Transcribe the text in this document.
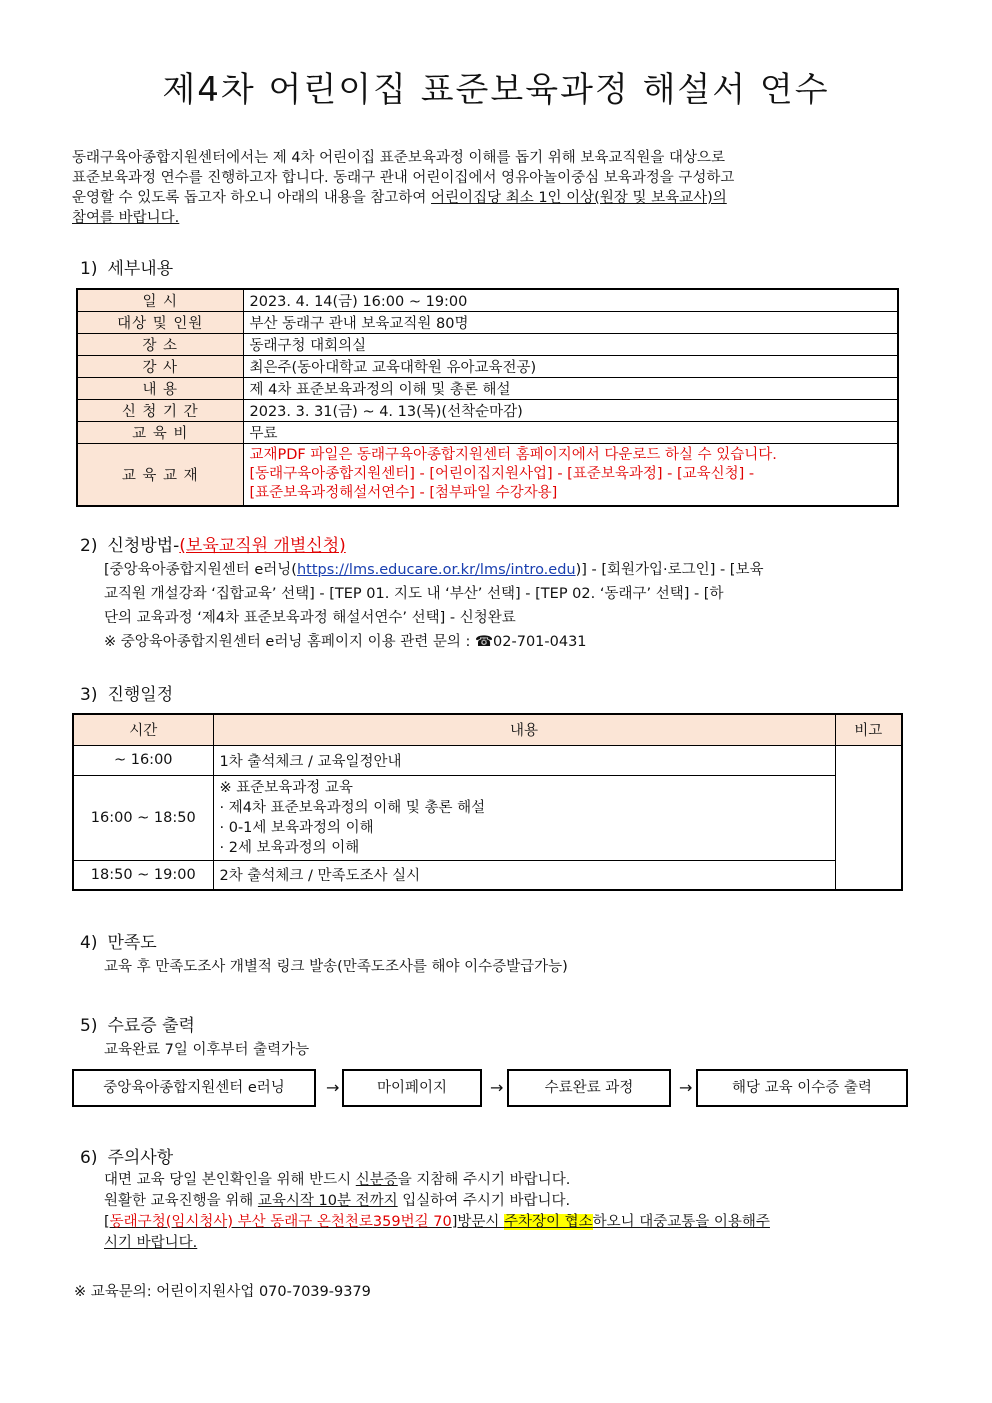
제4차 어린이집 표준보육과정 해설서 연수
동래구육아종합지원센터에서는 제 4차 어린이집 표준보육과정 이해를 돕기 위해 보육교직원을 대상으로
표준보육과정 연수를 진행하고자 합니다. 동래구 관내 어린이집에서 영유아놀이중심 보육과정을 구성하고
운영할 수 있도록 돕고자 하오니 아래의 내용을 참고하여 어린이집당 최소 1인 이상(원장 및 보육교사)의
참여를 바랍니다.
1) 세부내용
일 시	2023. 4. 14(금) 16:00 ~ 19:00
대상 및 인원	부산 동래구 관내 보육교직원 80명
장 소	동래구청 대회의실
강 사	최은주(동아대학교 교육대학원 유아교육전공)
내 용	제 4차 표준보육과정의 이해 및 총론 해설
신 청 기 간	2023. 3. 31(금) ~ 4. 13(목)(선착순마감)
교 육 비	무료
교 육 교 재	교재PDF 파일은 동래구육아종합지원센터 홈페이지에서 다운로드 하실 수 있습니다.
[동래구육아종합지원센터] - [어린이집지원사업] - [표준보육과정] - [교육신청] -
[표준보육과정해설서연수] - [첨부파일 수강자용]
2) 신청방법-(보육교직원 개별신청)
[중앙육아종합지원센터 e러닝(https://lms.educare.or.kr/lms/intro.edu)] - [회원가입·로그인] - [보육
교직원 개설강좌 ‘집합교육’ 선택] - [TEP 01. 지도 내 ‘부산’ 선택] - [TEP 02. ‘동래구’ 선택] - [하
단의 교육과정 ‘제4차 표준보육과정 해설서연수’ 선택] - 신청완료
※ 중앙육아종합지원센터 e러닝 홈페이지 이용 관련 문의 : ☎02-701-0431
3) 진행일정
시간	내용	비고
~ 16:00	1차 출석체크 / 교육일정안내	
16:00 ~ 18:50	※ 표준보육과정 교육
· 제4차 표준보육과정의 이해 및 총론 해설
· 0-1세 보육과정의 이해
· 2세 보육과정의 이해	

18:50 ~ 19:00	2차 출석체크 / 만족도조사 실시	
4) 만족도
교육 후 만족도조사 개별적 링크 발송(만족도조사를 해야 이수증발급가능)
5) 수료증 출력
교육완료 7일 이후부터 출력가능
중앙육아종합지원센터 e러닝	→	마이페이지	→	수료완료 과정	→	해당 교육 이수증 출력
6) 주의사항
대면 교육 당일 본인확인을 위해 반드시 신분증을 지참해 주시기 바랍니다.
원활한 교육진행을 위해 교육시작 10분 전까지 입실하여 주시기 바랍니다.
[동래구청(임시청사) 부산 동래구 온천천로359번길 70]방문시 주차장이 협소하오니 대중교통을 이용해주
시기 바랍니다.
※ 교육문의: 어린이지원사업 070-7039-9379
